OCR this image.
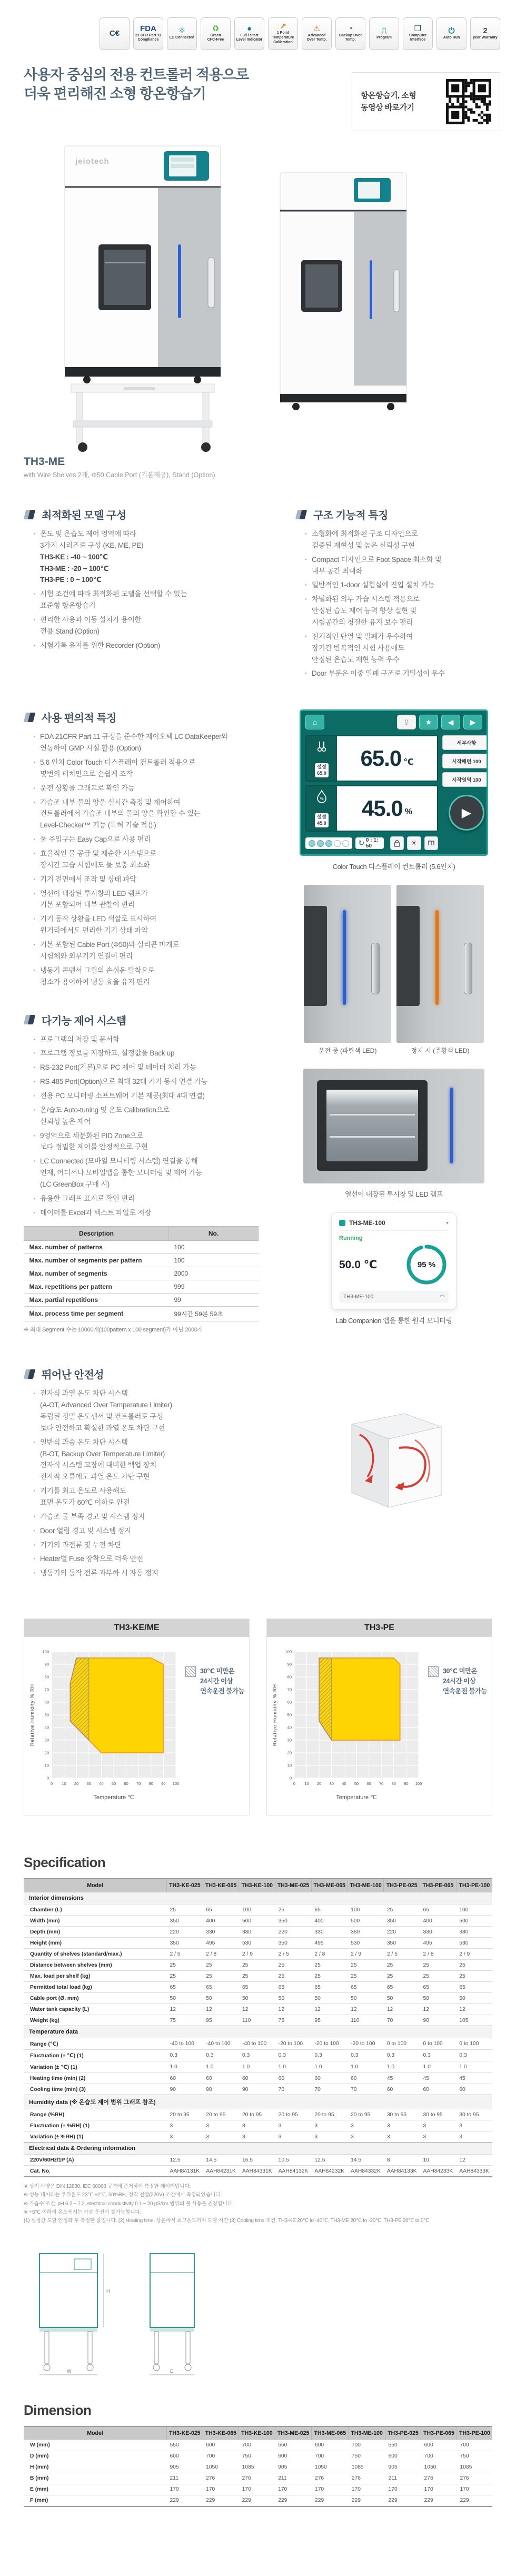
C€
FDA
21 CFR Part 11 Compliance
⚛
LC Connected
♻
Green
CFC-Free
●
Full / Start
Level Indicator
↗
1 Point
Temperature Calibration
⚠
Advanced Over Temp.
◔
Backup Over Temp.
⎍
Program
❐
Computer Interface
⏻
Auto Run
2
year Warranty
사용자 중심의 전용 컨트롤러 적용으로
더욱 편리해진 소형 항온항습기	항온항습기, 소형
동영상 바로가기
jeiotech
TH3-ME
with Wire Shelves 2개, Φ50 Cable Port (기본제공), Stand (Option)
최적화된 모델 구성
· 온도 및 온습도 제어 영역에 따라
3가지 시리즈로 구성 (KE, ME, PE)
TH3-KE : -40 ~ 100℃
TH3-ME : -20 ~ 100℃
TH3-PE : 0 ~ 100℃
· 시험 조건에 따라 최적화된 모델을 선택할 수 있는
표준형 항온항습기
· 편리한 사용과 이동 설치가 용이한
전용 Stand (Option)
· 시험기록 유지를 위한 Recorder (Option)
구조 기능적 특징
· 소형화에 최적화된 구조 디자인으로
검증된 재현성 및 높은 신뢰성 구현
· Compact 디자인으로 Foot Space 최소화 및
내부 공간 최대화
· 일반적인 1-door 실험실에 진입 설치 가능
· 차별화된 외부 가습 시스템 적용으로
안정된 습도 제어 능력 향상 실현 및
시험공간의 청결한 유지 보수 편리
· 전체적인 단열 및 밀폐가 우수하여
장기간 반복적인 시험 사용에도
안정된 온습도 재현 능력 우수
· Door 부분은 이중 밀폐 구조로 기밀성이 우수
사용 편의적 특징
· FDA 21CFR Part 11 규정을 준수한 제이오텍 LC DataKeeper와
연동하여 GMP 시설 활용 (Option)
· 5.6 인치 Color Touch 디스플레이 컨트롤러 적용으로
몇번의 터치만으로 손쉽게 조작
· 운전 상황을 그래프로 확인 가능
· 가습조 내부 물의 양을 실시간 측정 및 제어하여
컨트롤러에서 가습조 내부의 물의 양을 확인할 수 있는
Level-Checker™ 기능 (특허 기술 적용)
· 물 주입구는 Easy Cap으로 사용 편리
· 효율적인 물 공급 및 재순환 시스템으로
장시간 고습 시험에도 물 보충 최소화
· 기기 전면에서 조작 및 상태 파악
· 열선이 내장된 투시창과 LED 램프가
기본 포함되어 내부 관찰이 편리
· 기기 동작 상황을 LED 색깔로 표시하여
원거리에서도 편리한 기기 상태 파악
· 기본 포함된 Cable Port (Φ50)와 실리콘 마개로
시험체와 외부기기 연결이 편리
· 냉동기 콘덴서 그릴의 손쉬운 탈착으로
청소가 용이하여 냉동 효율 유지 편리
다기능 제어 시스템
· 프로그램의 저장 및 문서화
· 프로그램 정보를 저장하고, 설정값을 Back up
· RS-232 Port(기본)으로 PC 제어 및 데이터 처리 가능
· RS-485 Port(Option)으로 최대 32대 기기 동시 연결 가능
· 전용 PC 모니터링 소프트웨어 기본 제공(최대 4대 연결)
· 온/습도 Auto-tuning 및 온도 Calibration으로
신뢰성 높은 제어
· 9영역으로 세분화된 PID Zone으로
보다 정밀한 제어를 안정적으로 구현
· LC Connected (모바일 모니터링 시스템) 연결을 통해
언제, 어디서나 모바일앱을 통한 모니터링 및 제어 가능
(LC GreenBox 구매 시)
· 유용한 그래프 표시로 확인 편리
· 데이터를 Excel과 텍스트 파일로 저장
Description	No.
Max. number of patterns	100
Max. number of segments per pattern	100
Max. number of segments	2000
Max. repetitions per pattern	999
Max. partial repetitions	99
Max. process time per segment	99시간 59분 59초
※ 최대 Segment 수는 10000개(100pattern x 100 segment)가 아닌 2000개
⌂	⇪	★	◀	▶
설정
65.0
65.0 ℃
%
설정
45.0
45.0 %
↻ 0 : 1: 50	☀
세부사항
시작패턴 100
시작영역 100
▶
Color Touch 디스플레이 컨트롤러 (5.6인치)
운전 중 (파란색 LED)	정지 시 (주황색 LED)
열선이 내장된 투시창 및 LED 램프
TH3-ME-100	▾
Running
50.0 ℃	95 %
TH3-ME-100	◠
Lab Companion 앱을 통한 원격 모니터링
뛰어난 안전성
· 전자식 과열 온도 차단 시스템
(A-OT, Advanced Over Temperature Limiter)
독립된 정밀 온도센서 및 컨트롤러로 구성
보다 안전하고 확실한 과열 온도 차단 구현
· 일반식 과승 온도 차단 시스템
(B-OT, Backup Over Temperature Limiter)
전자식 시스템 고장에 대비한 백업 장치
전자적 오류에도 과열 온도 차단 구현
· 기기를 최고 온도로 사용해도
표면 온도가 60℃ 이하로 안전
· 가습조 물 부족 경고 및 시스템 정지
· Door 열림 경고 및 시스템 정지
· 기기의 과전류 및 누전 차단
· Heater별 Fuse 장착으로 더욱 안전
· 냉동기의 동작 전류 과부하 시 자동 정지
TH3-KE/ME
0 10 20 30 40 50 60 70 80 90 100
0
10
20
30
40
50
60
70
80
90
100
Temperature ℃
Relative Humidity % RH
30℃ 미만은
24시간 이상
연속운전 불가능
TH3-PE
0 10 20 30 40 50 60 70 80 90 100
0
10
20
30
40
50
60
70
80
90
100
Temperature ℃
Relative Humidity % RH
30℃ 미만은
24시간 이상
연속운전 불가능
Specification
Model	TH3-KE-025	TH3-KE-065	TH3-KE-100	TH3-ME-025	TH3-ME-065	TH3-ME-100	TH3-PE-025	TH3-PE-065	TH3-PE-100
Interior dimensions									
Chamber (L)	25	65	100	25	65	100	25	65	100
Width (mm)	350	400	500	350	400	500	350	400	500
Depth (mm)	220	330	380	220	330	380	220	330	380
Height (mm)	350	495	530	350	495	530	350	495	530
Quantity of shelves (standard/max.)	2 / 5	2 / 8	2 / 9	2 / 5	2 / 8	2 / 9	2 / 5	2 / 8	2 / 9
Distance between shelves (mm)	25	25	25	25	25	25	25	25	25
Max. load per shelf (kg)	25	25	25	25	25	25	25	25	25
Permitted total load (kg)	65	65	65	65	65	65	65	65	65
Cable port (Ø, mm)	50	50	50	50	50	50	50	50	50
Water tank capacity (L)	12	12	12	12	12	12	12	12	12
Weight (kg)	75	95	110	75	95	110	70	90	105
Temperature data									
Range (℃)	-40 to 100	-40 to 100	-40 to 100	-20 to 100	-20 to 100	-20 to 100	0 to 100	0 to 100	0 to 100
Fluctuation (± ℃) (1)	0.3	0.3	0.3	0.3	0.3	0.3	0.3	0.3	0.3
Variation (± ℃) (1)	1.0	1.0	1.0	1.0	1.0	1.0	1.0	1.0	1.0
Heating time (min) (2)	60	60	60	60	60	60	45	45	45
Cooling time (min) (3)	90	90	90	70	70	70	60	60	60
Humidity data (※ 온습도 제어 범위 그래프 참조)									
Range (%RH)	20 to 95	20 to 95	20 to 95	20 to 95	20 to 95	20 to 95	30 to 95	30 to 95	30 to 95
Fluctuation (± %RH) (1)	3	3	3	3	3	3	3	3	3
Variation (± %RH) (1)	3	3	3	3	3	3	3	3	3
Electrical data & Ordering information									
220V/60Hz/1P (A)	12.5	14.5	16.5	10.5	12.5	14.5	8	10	12
Cat. No.	AAH84131K	AAH84231K	AAH84331K	AAH84132K	AAH84232K	AAH84332K	AAH84133K	AAH84233K	AAH84333K
※ 상기 사양은 DIN 12880, IEC 60068 규격에 준거하여 측정한 데이터입니다.
※ 성능 데이터는 주위온도 23℃ ±2℃, 50%RH, 정격 전압(220V) 조건에서 측정되었습니다.
※ 가습수 조건: pH 6.2 ~ 7.2, electrical conductivity 0.1 ~ 20 μS/cm 범위의 물 사용을 권장합니다.
※ +5℃ 이하의 온도에서는 가습 운전이 불가능합니다.
(1) 설정값 도달 안정화 후 측정한 값입니다. (2) Heating time: 상온에서 최고온도까지 도달 시간 (3) Cooling time 조건: TH3-KE 20℃ to -40℃, TH3-ME 20℃ to -20℃, TH3-PE 20℃ to 0℃
W
H
D
Dimension
Model	TH3-KE-025	TH3-KE-065	TH3-KE-100	TH3-ME-025	TH3-ME-065	TH3-ME-100	TH3-PE-025	TH3-PE-065	TH3-PE-100
W (mm)	550	600	700	550	600	700	550	600	700
D (mm)	600	700	750	600	700	750	600	700	750
H (mm)	905	1050	1085	905	1050	1085	905	1050	1085
B (mm)	211	276	276	211	276	276	211	276	276
E (mm)	170	170	170	170	170	170	170	170	170
F (mm)	229	229	229	229	229	229	229	229	229
